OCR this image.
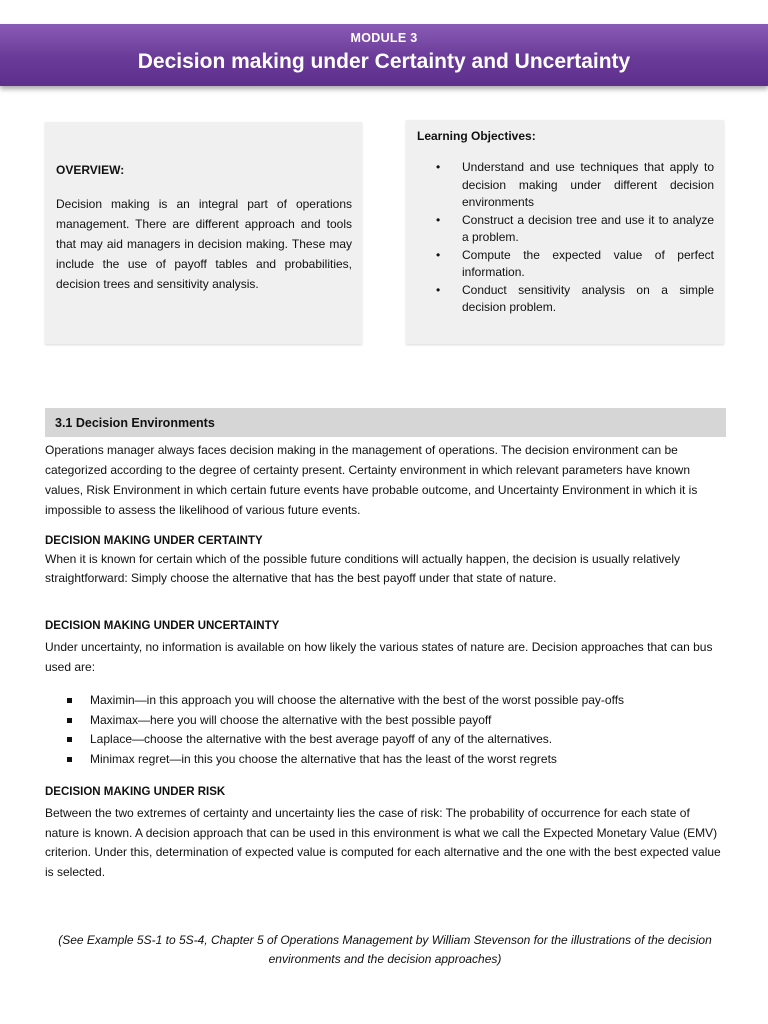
MODULE 3
Decision making under Certainty and Uncertainty
OVERVIEW:
Decision making is an integral part of operations management. There are different approach and tools that may aid managers in decision making. These may include the use of payoff tables and probabilities, decision trees and sensitivity analysis.
Learning Objectives:
• Understand and use techniques that apply to decision making under different decision environments
• Construct a decision tree and use it to analyze a problem.
• Compute the expected value of perfect information.
• Conduct sensitivity analysis on a simple decision problem.
3.1 Decision Environments
Operations manager always faces decision making in the management of operations. The decision environment can be categorized according to the degree of certainty present. Certainty environment in which relevant parameters have known values, Risk Environment in which certain future events have probable outcome, and Uncertainty Environment in which it is impossible to assess the likelihood of various future events.
DECISION MAKING UNDER CERTAINTY
When it is known for certain which of the possible future conditions will actually happen, the decision is usually relatively straightforward: Simply choose the alternative that has the best payoff under that state of nature.
DECISION MAKING UNDER UNCERTAINTY
Under uncertainty, no information is available on how likely the various states of nature are. Decision approaches that can bus used are:
Maximin—in this approach you will choose the alternative with the best of the worst possible pay-offs
Maximax—here you will choose the alternative with the best possible payoff
Laplace—choose the alternative with the best average payoff of any of the alternatives.
Minimax regret—in this you choose the alternative that has the least of the worst regrets
DECISION MAKING UNDER RISK
Between the two extremes of certainty and uncertainty lies the case of risk: The probability of occurrence for each state of nature is known. A decision approach that can be used in this environment is what we call the Expected Monetary Value (EMV) criterion. Under this, determination of expected value is computed for each alternative and the one with the best expected value is selected.
(See Example 5S-1 to 5S-4, Chapter 5 of Operations Management by William Stevenson for the illustrations of the decision environments and the decision approaches)
